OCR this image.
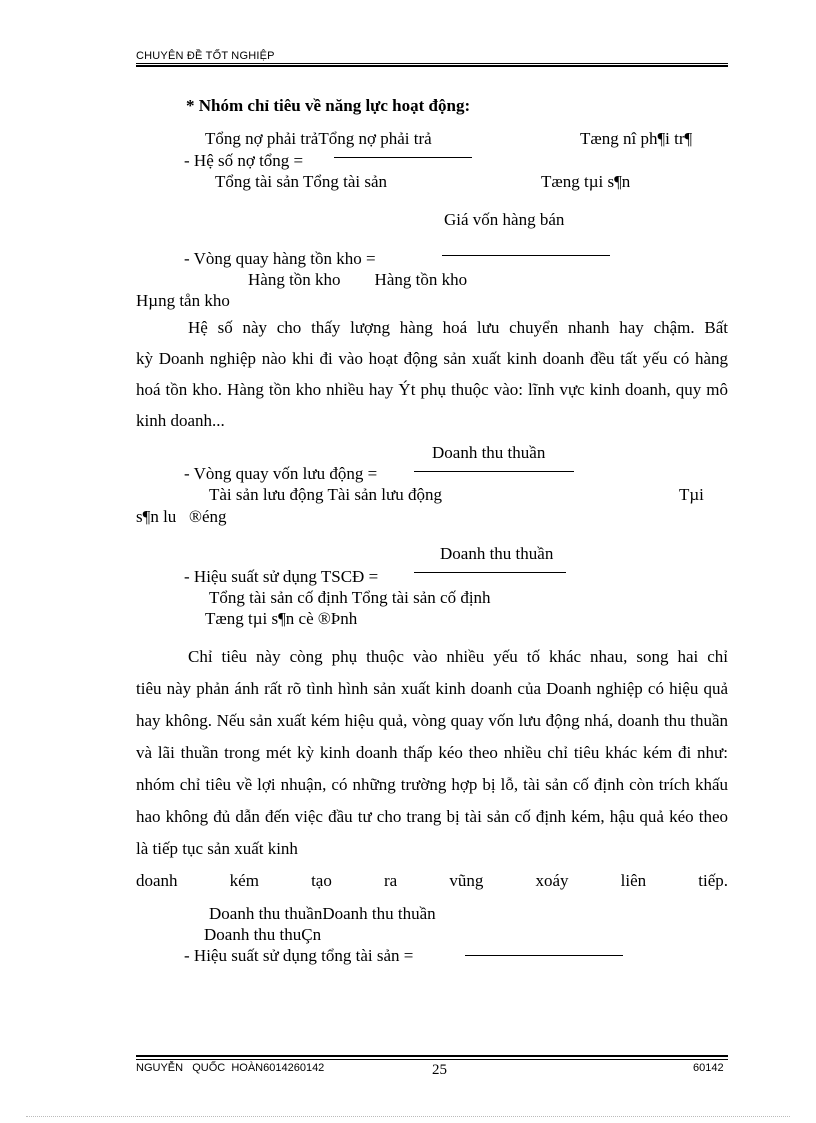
CHUYÊN ĐỀ TỐT NGHIỆP
* Nhóm chỉ tiêu về năng lực hoạt động:
Tổng nợ phải trảTổng nợ phải trả	Tæng nî ph¶i tr¶
- Hệ số nợ tổng =
Tổng tài sản Tổng tài sản	Tæng tµi s¶n
Giá vốn hàng bán
- Vòng quay hàng tồn kho =
Hàng tồn kho        Hàng tồn kho
Hµng tån kho

Hệ số này cho thấy lượng hàng hoá lưu chuyển nhanh hay chậm. Bất

kỳ Doanh nghiệp nào khi đi vào hoạt động sản xuất kinh doanh đều tất yếu có hàng hoá tồn kho. Hàng tồn kho nhiều hay Ýt phụ thuộc vào: lĩnh vực kinh doanh, quy mô kinh doanh...

Doanh thu thuần
- Vòng quay vốn lưu động =
Tài sản lưu động Tài sản lưu động	Tµi
s¶n lu   ®éng
Doanh thu thuần
- Hiệu suất sử dụng TSCĐ =
Tổng tài sản cố định Tổng tài sản cố định
Tæng tµi s¶n cè ®Þnh

Chỉ tiêu này còng phụ thuộc vào nhiều yếu tố khác nhau, song hai chỉ

tiêu này phản ánh rất rõ tình hình sản xuất kinh doanh của Doanh nghiệp có hiệu quả hay không. Nếu sản xuất kém hiệu quả, vòng quay vốn lưu động nhá, doanh thu thuần và lãi thuần trong mét kỳ kinh doanh thấp kéo theo nhiều chỉ tiêu khác kém đi như: nhóm chỉ tiêu về lợi nhuận, có những trường hợp bị lỗ, tài sản cố định còn trích khấu hao không đủ dẫn đến việc đầu tư cho trang bị tài sản cố định kém, hậu quả kéo theo là tiếp tục sản xuất kinh

doanh kém tạo ra vũng xoáy liên tiếp.

Doanh thu thuầnDoanh thu thuần
Doanh thu thuÇn
- Hiệu suất sử dụng tổng tài sản =
NGUYỄN   QUỐC  HOÀN6014260142	25	60142
